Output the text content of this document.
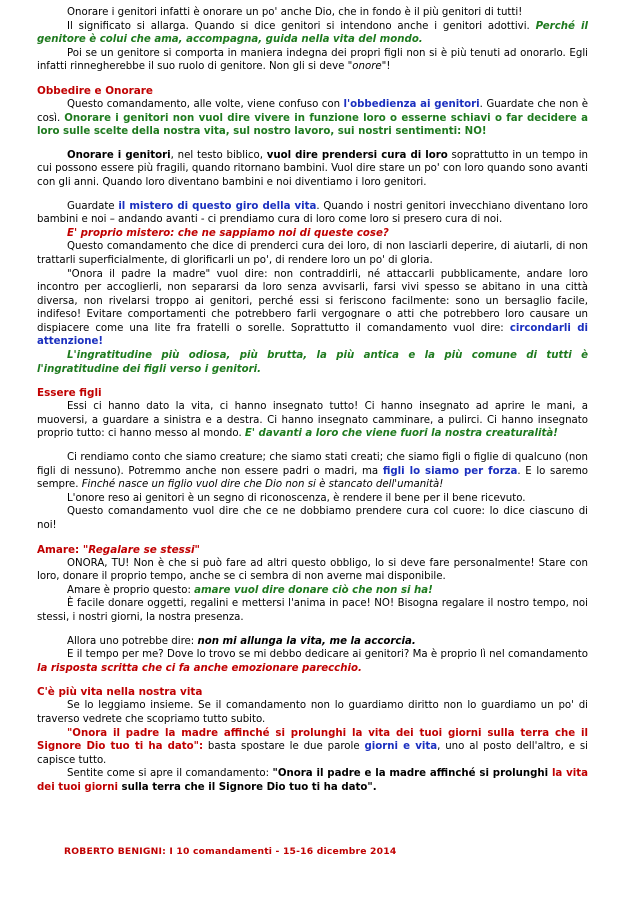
Onorare i genitori infatti è onorare un po' anche Dio, che in fondo è il più genitori di tutti!

Il significato si allarga. Quando si dice genitori si intendono anche i genitori adottivi. Perché il genitore è colui che ama, accompagna, guida nella vita del mondo.

Poi se un genitore si comporta in maniera indegna dei propri figli non si è più tenuti ad onorarlo. Egli infatti rinnegherebbe il suo ruolo di genitore. Non gli si deve "onore"!

Obbedire e Onorare

Questo comandamento, alle volte, viene confuso con l'obbedienza ai genitori. Guardate che non è così. Onorare i genitori non vuol dire vivere in funzione loro o esserne schiavi o far decidere a loro sulle scelte della nostra vita, sul nostro lavoro, sui nostri sentimenti: NO!

Onorare i genitori, nel testo biblico, vuol dire prendersi cura di loro soprattutto in un tempo in cui possono essere più fragili, quando ritornano bambini. Vuol dire stare un po' con loro quando sono avanti con gli anni. Quando loro diventano bambini e noi diventiamo i loro genitori.

Guardate il mistero di questo giro della vita. Quando i nostri genitori invecchiano diventano loro bambini e noi – andando avanti - ci prendiamo cura di loro come loro si presero cura di noi.

E' proprio mistero: che ne sappiamo noi di queste cose?

Questo comandamento che dice di prenderci cura dei loro, di non lasciarli deperire, di aiutarli, di non trattarli superficialmente, di glorificarli un po', di rendere loro un po' di gloria.

"Onora il padre la madre" vuol dire: non contraddirli, né attaccarli pubblicamente, andare loro incontro per accoglierli, non separarsi da loro senza avvisarli, farsi vivi spesso se abitano in una città diversa, non rivelarsi troppo ai genitori, perché essi si feriscono facilmente: sono un bersaglio facile, indifeso! Evitare comportamenti che potrebbero farli vergognare o atti che potrebbero loro causare un dispiacere come una lite fra fratelli o sorelle. Soprattutto il comandamento vuol dire: circondarli di attenzione!

L'ingratitudine più odiosa, più brutta, la più antica e la più comune di tutti è l'ingratitudine dei figli verso i genitori.

Essere figli

Essi ci hanno dato la vita, ci hanno insegnato tutto! Ci hanno insegnato ad aprire le mani, a muoversi, a guardare a sinistra e a destra. Ci hanno insegnato camminare, a pulirci. Ci hanno insegnato proprio tutto: ci hanno messo al mondo. E' davanti a loro che viene fuori la nostra creaturalità!

Ci rendiamo conto che siamo creature; che siamo stati creati; che siamo figli o figlie di qualcuno (non figli di nessuno). Potremmo anche non essere padri o madri, ma figli lo siamo per forza. E lo saremo sempre. Finché nasce un figlio vuol dire che Dio non si è stancato dell'umanità!

L'onore reso ai genitori è un segno di riconoscenza, è rendere il bene per il bene ricevuto.

Questo comandamento vuol dire che ce ne dobbiamo prendere cura col cuore: lo dice ciascuno di noi!

Amare: "Regalare se stessi"

ONORA, TU! Non è che si può fare ad altri questo obbligo, lo si deve fare personalmente! Stare con loro, donare il proprio tempo, anche se ci sembra di non averne mai disponibile.

Amare è proprio questo: amare vuol dire donare ciò che non si ha!

È facile donare oggetti, regalini e mettersi l'anima in pace! NO! Bisogna regalare il nostro tempo, noi stessi, i nostri giorni, la nostra presenza.

Allora uno potrebbe dire: non mi allunga la vita, me la accorcia.

E il tempo per me? Dove lo trovo se mi debbo dedicare ai genitori? Ma è proprio lì nel comandamento la risposta scritta che ci fa anche emozionare parecchio.

C'è più vita nella nostra vita

Se lo leggiamo insieme. Se il comandamento non lo guardiamo diritto non lo guardiamo un po' di traverso vedrete che scopriamo tutto subito.

"Onora il padre la madre affinché si prolunghi la vita dei tuoi giorni sulla terra che il Signore Dio tuo ti ha dato": basta spostare le due parole giorni e vita, uno al posto dell'altro, e si capisce tutto.

Sentite come si apre il comandamento: "Onora il padre e la madre affinché si prolunghi la vita dei tuoi giorni sulla terra che il Signore Dio tuo ti ha dato".

ROBERTO BENIGNI: I 10 comandamenti - 15-16 dicembre 2014
